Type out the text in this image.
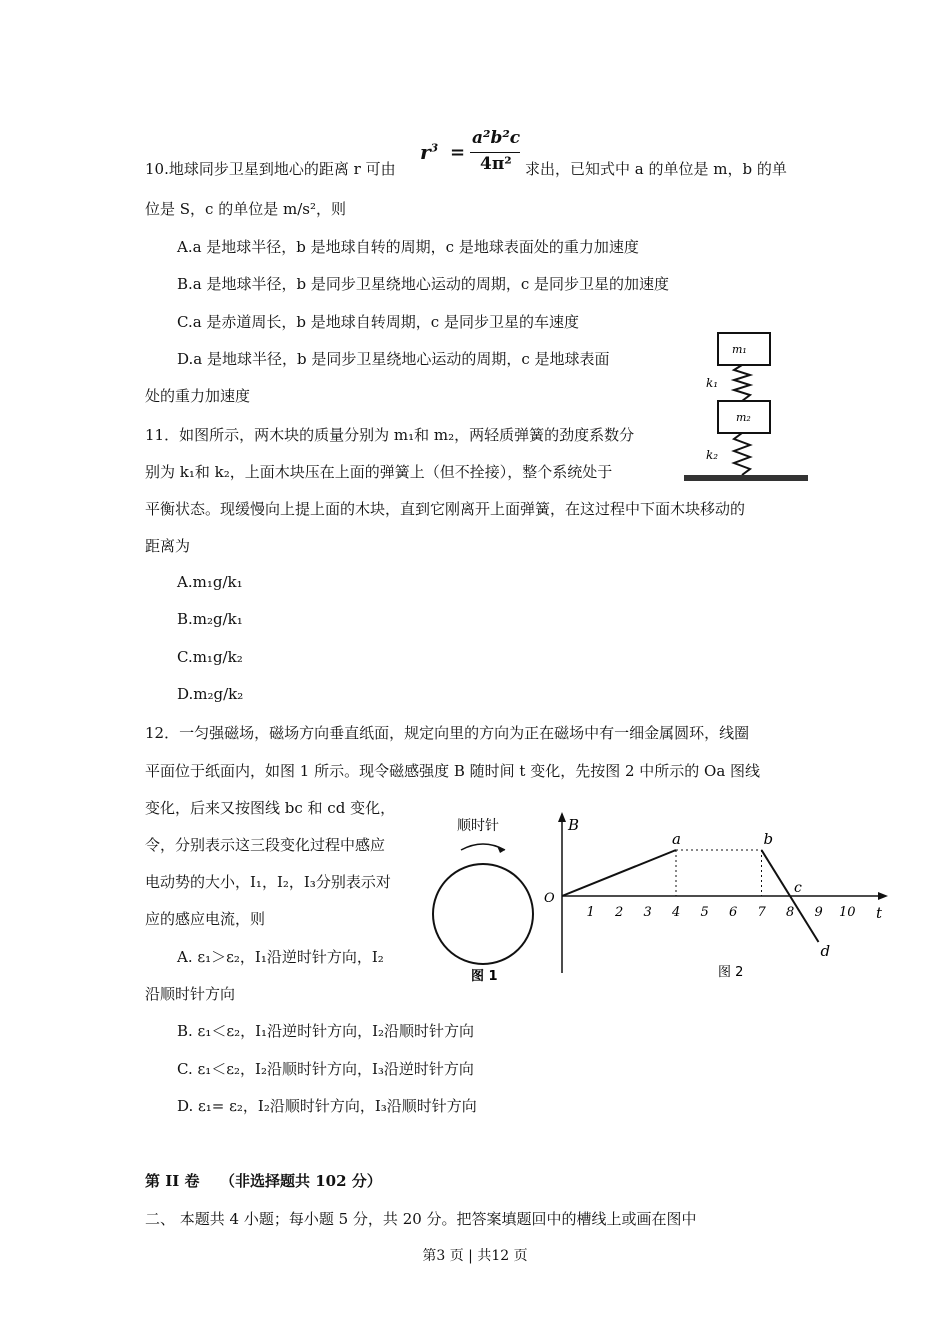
10.地球同步卫星到地心的距离 r 可由
$r^3$ =
a²b²c
4π² 求出，已知式中 a 的单位是 m，b 的单
位是 S，c 的单位是 m/s²，则
A.a 是地球半径，b 是地球自转的周期，c 是地球表面处的重力加速度
B.a 是地球半径，b 是同步卫星绕地心运动的周期，c 是同步卫星的加速度
C.a 是赤道周长，b 是地球自转周期，c 是同步卫星的车速度
D.a 是地球半径，b 是同步卫星绕地心运动的周期，c 是地球表面
处的重力加速度
m₁
k₁
m₂
k₂
11．如图所示，两木块的质量分别为 m₁和 m₂，两轻质弹簧的劲度系数分
别为 k₁和 k₂，上面木块压在上面的弹簧上（但不拴接），整个系统处于
平衡状态。现缓慢向上提上面的木块，直到它刚离开上面弹簧，在这过程中下面木块移动的
距离为
A.m₁g/k₁
B.m₂g/k₁
C.m₁g/k₂
D.m₂g/k₂
12．一匀强磁场，磁场方向垂直纸面，规定向里的方向为正在磁场中有一细金属圆环，线圈
平面位于纸面内，如图 1 所示。现令磁感强度 B 随时间 t 变化，先按图 2 中所示的 Oa 图线
变化，后来又按图线 bc 和 cd 变化，
令，分别表示这三段变化过程中感应
电动势的大小，I₁，I₂，I₃分别表示对
应的感应电流，则
A. ε₁＞ε₂，I₁沿逆时针方向，I₂
沿顺时针方向
B. ε₁＜ε₂，I₁沿逆时针方向，I₂沿顺时针方向
C. ε₁＜ε₂，I₂沿顺时针方向，I₃沿逆时针方向
D. ε₁= ε₂，I₂沿顺时针方向，I₃沿顺时针方向
顺时针
图 1
B
t
O
1 2 3 4 5 6 7 8 9 10
a	b
c
d
图 2
第 II 卷 （非选择题共 102 分）
二、 本题共 4 小题；每小题 5 分，共 20 分。把答案填题回中的槽线上或画在图中
第3 页 | 共12 页
